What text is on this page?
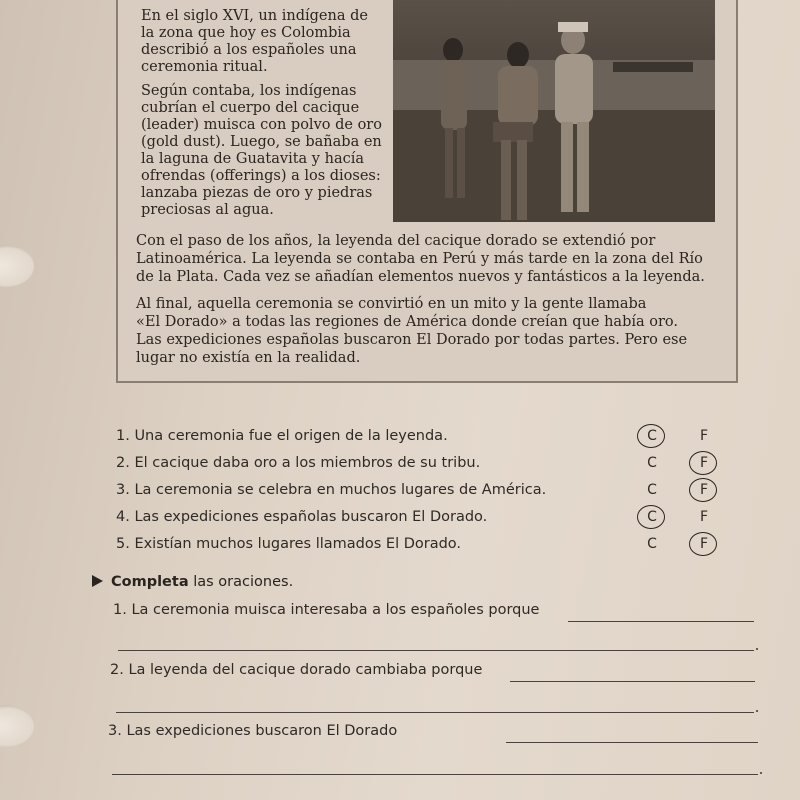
En el siglo XVI, un indígena de
la zona que hoy es Colombia
describió a los españoles una
ceremonia ritual.
Según contaba, los indígenas
cubrían el cuerpo del cacique
(leader) muisca con polvo de oro
(gold dust). Luego, se bañaba en
la laguna de Guatavita y hacía
ofrendas (offerings) a los dioses:
lanzaba piezas de oro y piedras
preciosas al agua.
Con el paso de los años, la leyenda del cacique dorado se extendió por
Latinoamérica. La leyenda se contaba en Perú y más tarde en la zona del Río
de la Plata. Cada vez se añadían elementos nuevos y fantásticos a la leyenda.
Al final, aquella ceremonia se convirtió en un mito y la gente llamaba
«El Dorado» a todas las regiones de América donde creían que había oro.
Las expediciones españolas buscaron El Dorado por todas partes. Pero ese
lugar no existía en la realidad.
1. Una ceremonia fue el origen de la leyenda.	C	F
2. El cacique daba oro a los miembros de su tribu.	C	F
3. La ceremonia se celebra en muchos lugares de América.	C	F
4. Las expediciones españolas buscaron El Dorado.	C	F
5. Existían muchos lugares llamados El Dorado.	C	F
Completa las oraciones.
1. La ceremonia muisca interesaba a los españoles porque
2. La leyenda del cacique dorado cambiaba porque
3. Las expediciones buscaron El Dorado
